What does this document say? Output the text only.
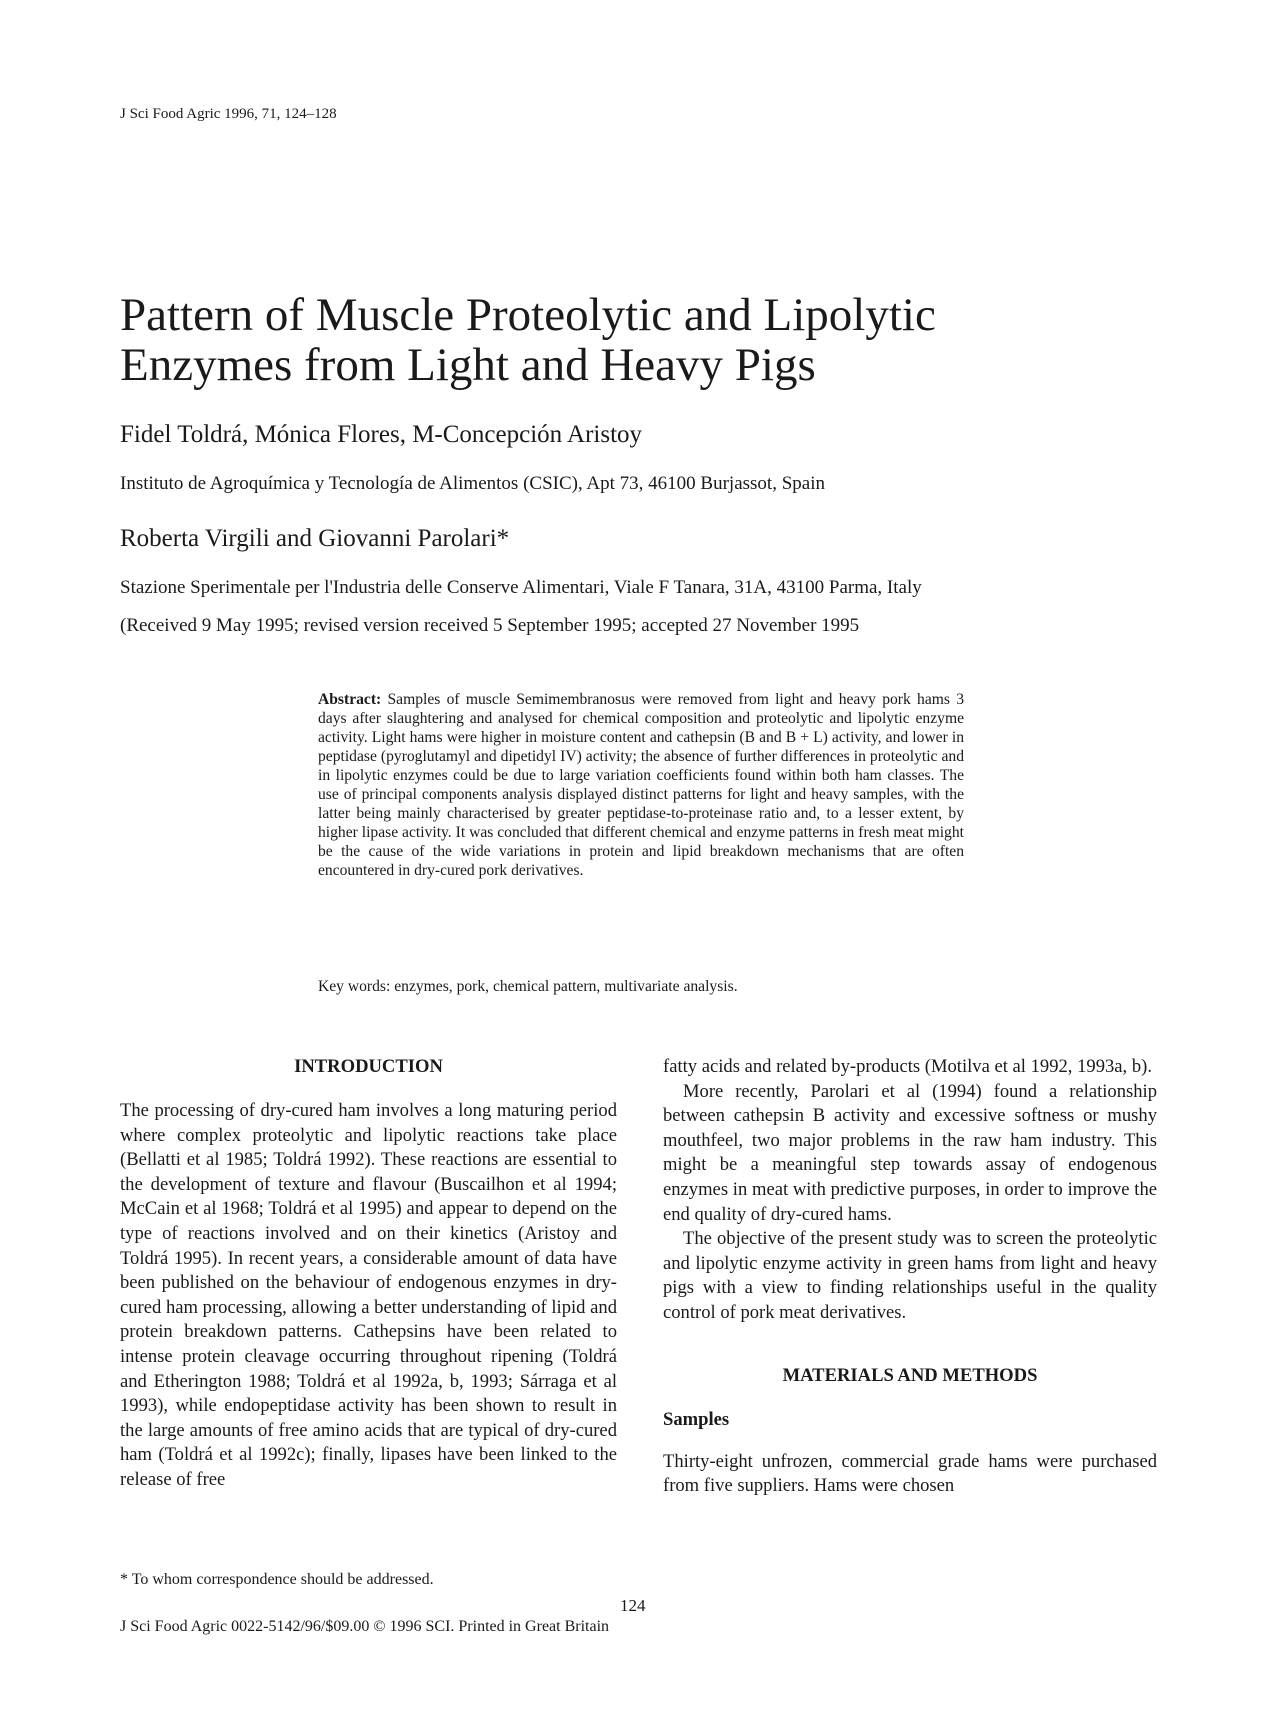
J Sci Food Agric 1996, 71, 124–128
Pattern of Muscle Proteolytic and Lipolytic
Enzymes from Light and Heavy Pigs
Fidel Toldrá, Mónica Flores, M-Concepción Aristoy
Instituto de Agroquímica y Tecnología de Alimentos (CSIC), Apt 73, 46100 Burjassot, Spain
Roberta Virgili and Giovanni Parolari*
Stazione Sperimentale per l'Industria delle Conserve Alimentari, Viale F Tanara, 31A, 43100 Parma, Italy
(Received 9 May 1995; revised version received 5 September 1995; accepted 27 November 1995
Abstract: Samples of muscle Semimembranosus were removed from light and heavy pork hams 3 days after slaughtering and analysed for chemical composition and proteolytic and lipolytic enzyme activity. Light hams were higher in moisture content and cathepsin (B and B + L) activity, and lower in peptidase (pyroglutamyl and dipetidyl IV) activity; the absence of further differences in proteolytic and in lipolytic enzymes could be due to large variation coefficients found within both ham classes. The use of principal components analysis displayed distinct patterns for light and heavy samples, with the latter being mainly characterised by greater peptidase-to-proteinase ratio and, to a lesser extent, by higher lipase activity. It was concluded that different chemical and enzyme patterns in fresh meat might be the cause of the wide variations in protein and lipid breakdown mechanisms that are often encountered in dry-cured pork derivatives.
Key words: enzymes, pork, chemical pattern, multivariate analysis.
INTRODUCTION

The processing of dry-cured ham involves a long maturing period where complex proteolytic and lipolytic reactions take place (Bellatti et al 1985; Toldrá 1992). These reactions are essential to the development of texture and flavour (Buscailhon et al 1994; McCain et al 1968; Toldrá et al 1995) and appear to depend on the type of reactions involved and on their kinetics (Aristoy and Toldrá 1995). In recent years, a considerable amount of data have been published on the behaviour of endogenous enzymes in dry-cured ham processing, allowing a better understanding of lipid and protein breakdown patterns. Cathepsins have been related to intense protein cleavage occurring throughout ripening (Toldrá and Etherington 1988; Toldrá et al 1992a, b, 1993; Sárraga et al 1993), while endopeptidase activity has been shown to result in the large amounts of free amino acids that are typical of dry-cured ham (Toldrá et al 1992c); finally, lipases have been linked to the release of free

* To whom correspondence should be addressed.

fatty acids and related by-products (Motilva et al 1992, 1993a, b).

More recently, Parolari et al (1994) found a relationship between cathepsin B activity and excessive softness or mushy mouthfeel, two major problems in the raw ham industry. This might be a meaningful step towards assay of endogenous enzymes in meat with predictive purposes, in order to improve the end quality of dry-cured hams.

The objective of the present study was to screen the proteolytic and lipolytic enzyme activity in green hams from light and heavy pigs with a view to finding relationships useful in the quality control of pork meat derivatives.

MATERIALS AND METHODS
Samples

Thirty-eight unfrozen, commercial grade hams were purchased from five suppliers. Hams were chosen

124
J Sci Food Agric 0022-5142/96/$09.00 © 1996 SCI. Printed in Great Britain
